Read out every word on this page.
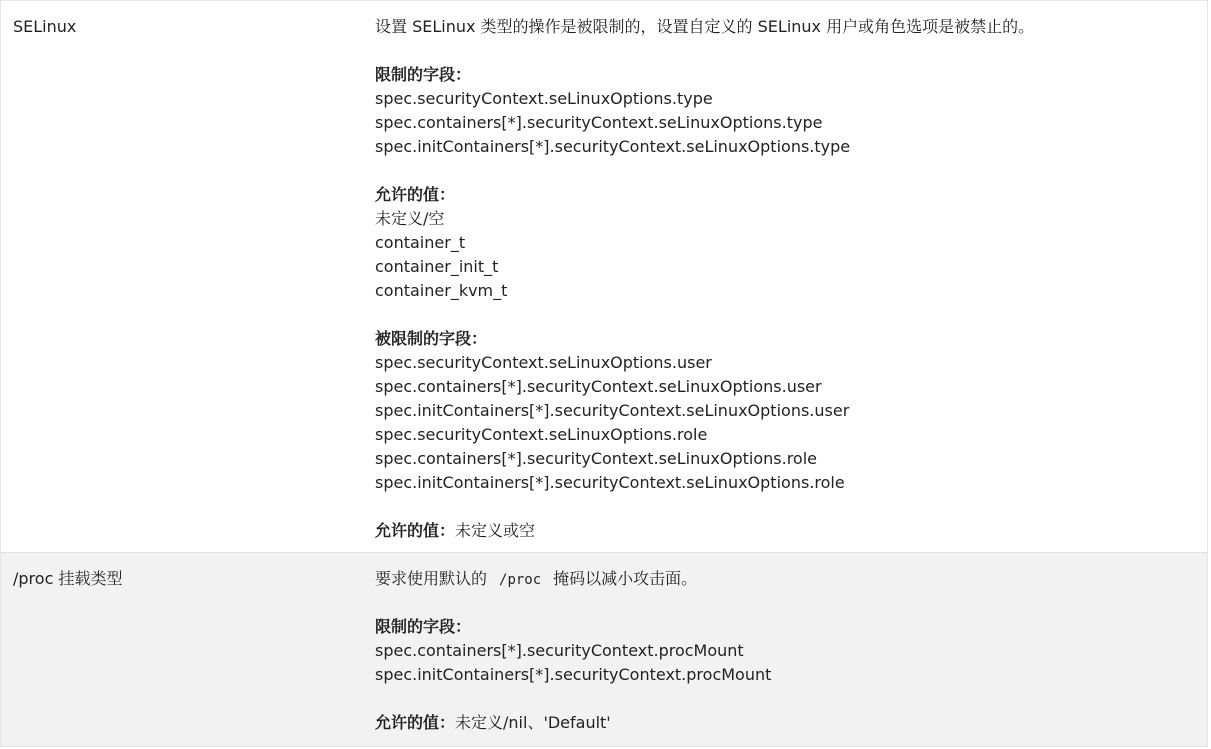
SELinux	设置 SELinux 类型的操作是被限制的，设置自定义的 SELinux 用户或角色选项是被禁止的。
限制的字段：
spec.securityContext.seLinuxOptions.type
spec.containers[*].securityContext.seLinuxOptions.type
spec.initContainers[*].securityContext.seLinuxOptions.type
允许的值：
未定义/空
container_t
container_init_t
container_kvm_t
被限制的字段：
spec.securityContext.seLinuxOptions.user
spec.containers[*].securityContext.seLinuxOptions.user
spec.initContainers[*].securityContext.seLinuxOptions.user
spec.securityContext.seLinuxOptions.role
spec.containers[*].securityContext.seLinuxOptions.role
spec.initContainers[*].securityContext.seLinuxOptions.role
允许的值：未定义或空
/proc 挂载类型	要求使用默认的 /proc 掩码以减小攻击面。
限制的字段：
spec.containers[*].securityContext.procMount
spec.initContainers[*].securityContext.procMount
允许的值：未定义/nil、'Default'
